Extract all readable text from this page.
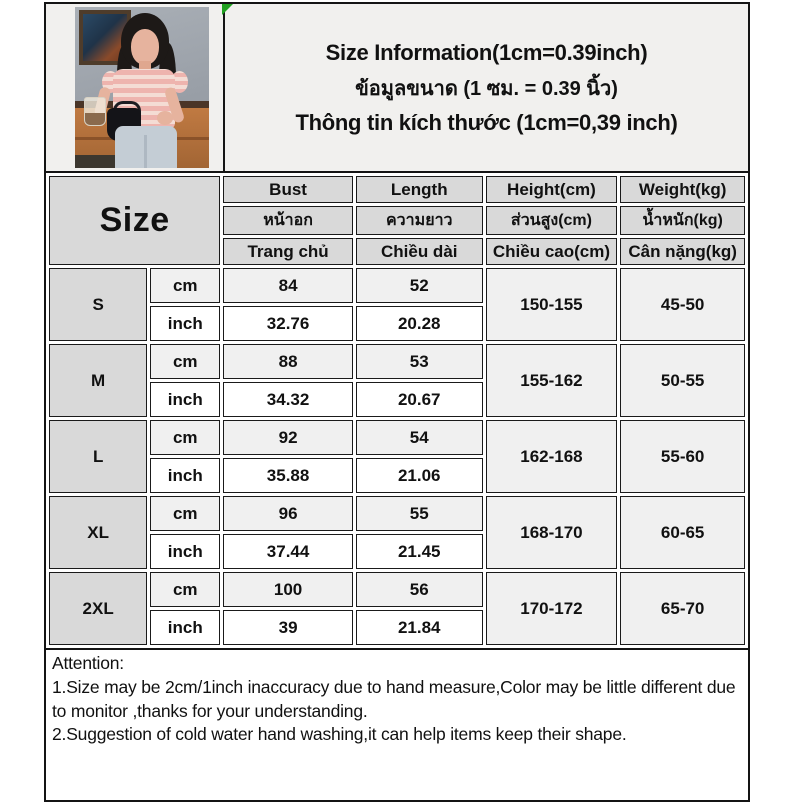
Size Information(1cm=0.39inch)
ข้อมูลขนาด (1 ซม. = 0.39 นิ้ว)
Thông tin kích thước (1cm=0,39 inch)
Size		Bust	Length	Height(cm)	Weight(kg)
		หน้าอก	ความยาว	ส่วนสูง(cm)	น้ำหนัก(kg)
		Trang chủ	Chiều dài	Chiều cao(cm)	Cân nặng(kg)
S	cm	84	52	150-155	45-50
	inch	32.76	20.28		
M	cm	88	53	155-162	50-55
	inch	34.32	20.67		
L	cm	92	54	162-168	55-60
	inch	35.88	21.06		
XL	cm	96	55	168-170	60-65
	inch	37.44	21.45		
2XL	cm	100	56	170-172	65-70
	inch	39	21.84		
Attention:
1.Size may be 2cm/1inch inaccuracy due to hand measure,Color may be little different due to monitor ,thanks for your understanding.
2.Suggestion of cold water hand washing,it can help items keep their shape.
